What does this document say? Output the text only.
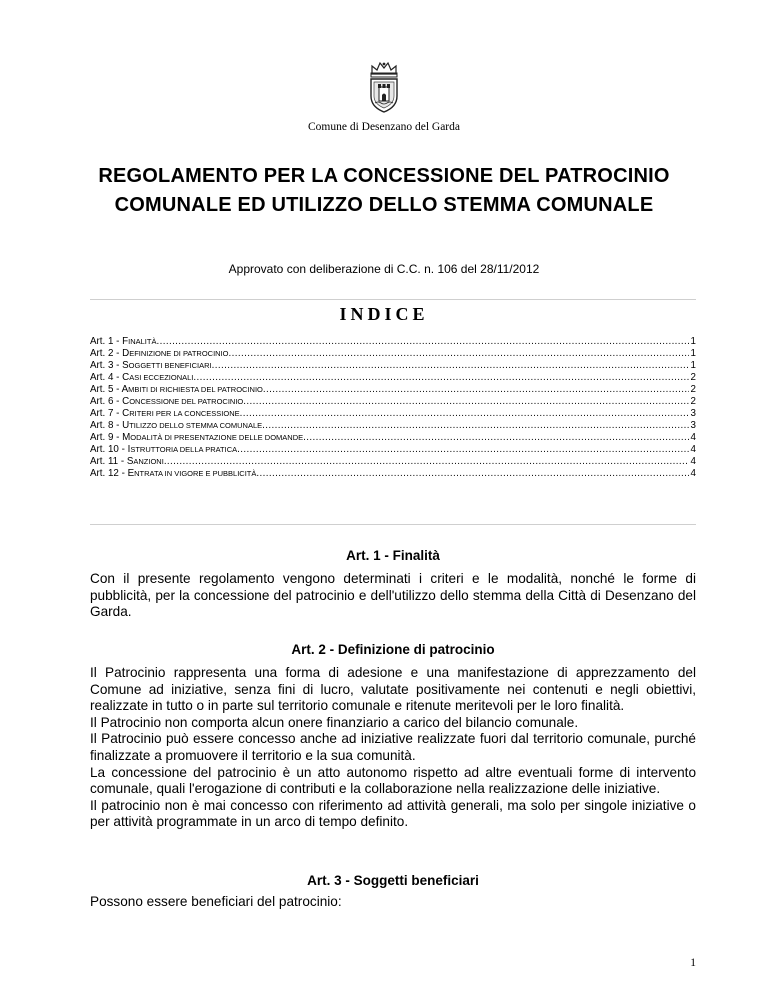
Comune di Desenzano del Garda
REGOLAMENTO PER LA CONCESSIONE DEL PATROCINIO COMUNALE ED UTILIZZO DELLO STEMMA COMUNALE
Approvato con deliberazione di C.C. n. 106 del 28/11/2012
INDICE
Art. 1 - FINALITÀ .....	1
Art. 2 - DEFINIZIONE DI PATROCINIO .....	1
Art. 3 - SOGGETTI BENEFICIARI .....	1
Art. 4 - CASI ECCEZIONALI .....	2
Art. 5 - AMBITI DI RICHIESTA DEL PATROCINIO .....	2
Art. 6 - CONCESSIONE DEL PATROCINIO .....	2
Art. 7 - CRITERI PER LA CONCESSIONE .....	3
Art. 8 - UTILIZZO DELLO STEMMA COMUNALE .....	3
Art. 9 - MODALITÀ DI PRESENTAZIONE DELLE DOMANDE .....	4
Art. 10 - ISTRUTTORIA DELLA PRATICA .....	4
Art. 11 - SANZIONI .....	4
Art. 12 - ENTRATA IN VIGORE E PUBBLICITÀ .....	4
Art. 1 - Finalità

Con il presente regolamento vengono determinati i criteri e le modalità, nonché le forme di pubblicità, per la concessione del patrocinio e dell'utilizzo dello stemma della Città di Desenzano del Garda.

Art. 2 - Definizione di patrocinio

Il Patrocinio rappresenta una forma di adesione e una manifestazione di apprezzamento del Comune ad iniziative, senza fini di lucro, valutate positivamente nei contenuti e negli obiettivi, realizzate in tutto o in parte sul territorio comunale e ritenute meritevoli per le loro finalità.

Il Patrocinio non comporta alcun onere finanziario a carico del bilancio comunale.

Il Patrocinio può essere concesso anche ad iniziative realizzate fuori dal territorio comunale, purché finalizzate a promuovere il territorio e la sua comunità.

La concessione del patrocinio è un atto autonomo rispetto ad altre eventuali forme di intervento comunale, quali l'erogazione di contributi e la collaborazione nella realizzazione delle iniziative.

Il patrocinio non è mai concesso con riferimento ad attività generali, ma solo per singole iniziative o per attività programmate in un arco di tempo definito.

Art. 3 - Soggetti beneficiari

Possono essere beneficiari del patrocinio:

1
